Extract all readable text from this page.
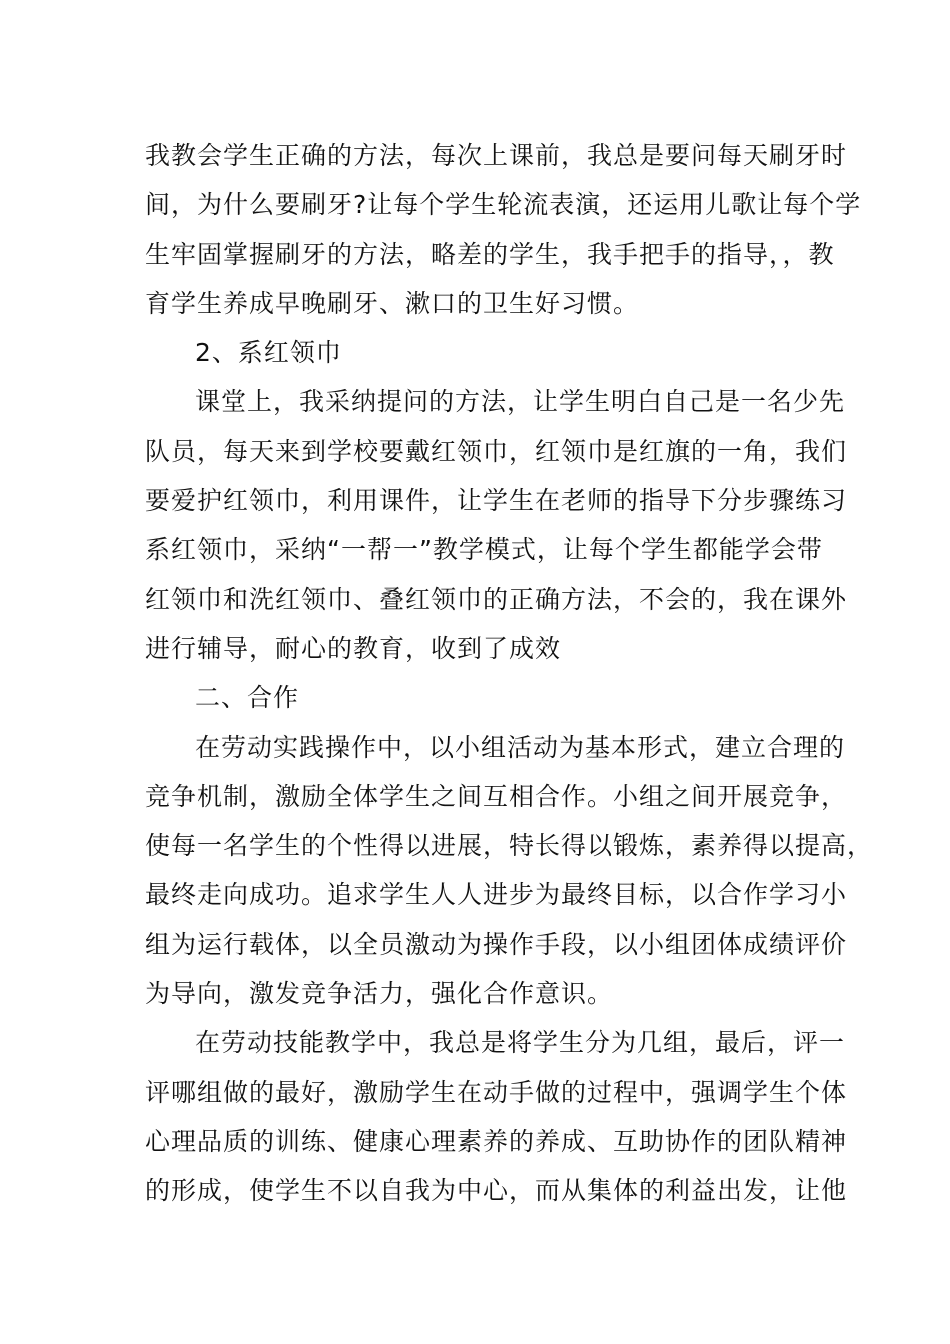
我教会学生正确的方法，每次上课前，我总是要问每天刷牙时
间，为什么要刷牙?让每个学生轮流表演，还运用儿歌让每个学
生牢固掌握刷牙的方法，略差的学生，我手把手的指导，，教
育学生养成早晚刷牙、漱口的卫生好习惯。
2、系红领巾
课堂上，我采纳提问的方法，让学生明白自己是一名少先
队员，每天来到学校要戴红领巾，红领巾是红旗的一角，我们
要爱护红领巾，利用课件，让学生在老师的指导下分步骤练习
系红领巾，采纳“一帮一”教学模式，让每个学生都能学会带
红领巾和洗红领巾、叠红领巾的正确方法，不会的，我在课外
进行辅导，耐心的教育，收到了成效
二、合作
在劳动实践操作中，以小组活动为基本形式，建立合理的
竞争机制，激励全体学生之间互相合作。小组之间开展竞争，
使每一名学生的个性得以进展，特长得以锻炼，素养得以提高，
最终走向成功。追求学生人人进步为最终目标，以合作学习小
组为运行载体，以全员激动为操作手段，以小组团体成绩评价
为导向，激发竞争活力，强化合作意识。
在劳动技能教学中，我总是将学生分为几组，最后，评一
评哪组做的最好，激励学生在动手做的过程中，强调学生个体
心理品质的训练、健康心理素养的养成、互助协作的团队精神
的形成，使学生不以自我为中心，而从集体的利益出发，让他
